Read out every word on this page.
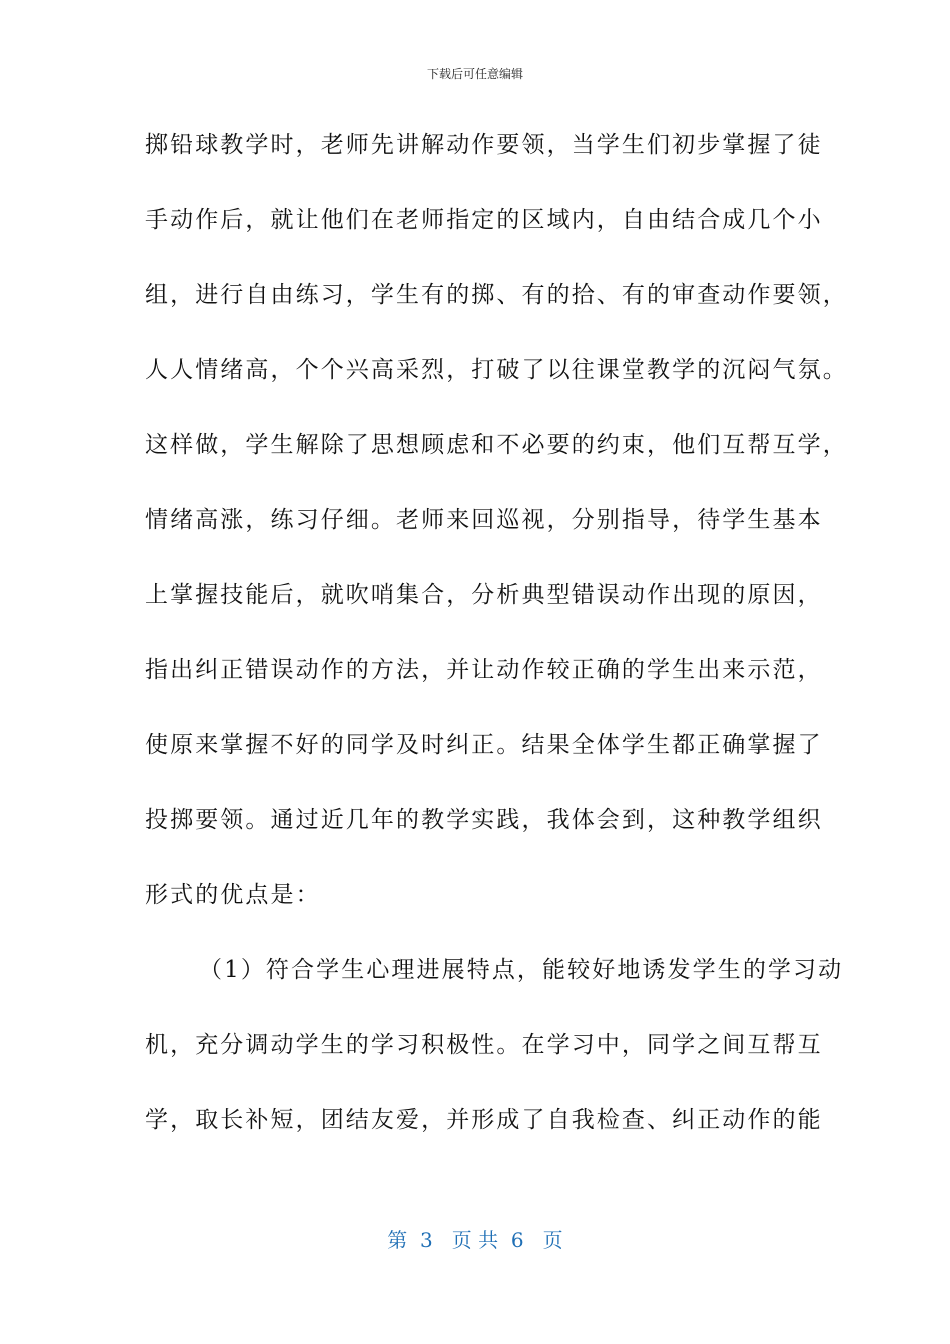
下载后可任意编辑
掷铅球教学时，老师先讲解动作要领，当学生们初步掌握了徒
手动作后，就让他们在老师指定的区域内，自由结合成几个小
组，进行自由练习，学生有的掷、有的拾、有的审查动作要领，
人人情绪高，个个兴高采烈，打破了以往课堂教学的沉闷气氛。
这样做，学生解除了思想顾虑和不必要的约束，他们互帮互学，
情绪高涨，练习仔细。老师来回巡视，分别指导，待学生基本
上掌握技能后，就吹哨集合，分析典型错误动作出现的原因，
指出纠正错误动作的方法，并让动作较正确的学生出来示范，
使原来掌握不好的同学及时纠正。结果全体学生都正确掌握了
投掷要领。通过近几年的教学实践，我体会到，这种教学组织
形式的优点是：
（1）符合学生心理进展特点，能较好地诱发学生的学习动
机，充分调动学生的学习积极性。在学习中，同学之间互帮互
学，取长补短，团结友爱，并形成了自我检查、纠正动作的能
第  3   页 共  6   页
